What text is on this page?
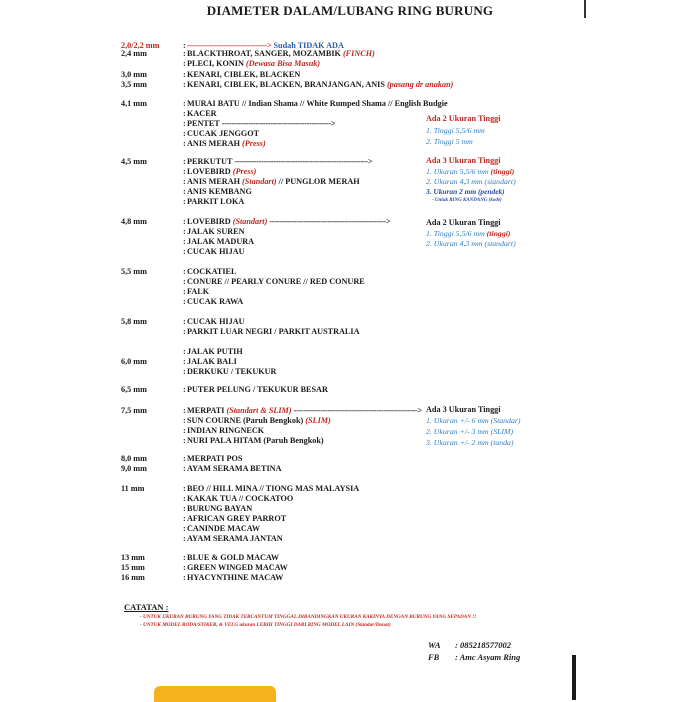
DIAMETER DALAM/LUBANG RING BURUNG
2,0/2,2 mm	: ---------------------------------> Sudah TIDAK ADA
2,4 mm	: BLACKTHROAT, SANGER, MOZAMBIK (FINCH)
: PLECI, KONIN (Dewasa Bisa Masuk)
3,0 mm	: KENARI, CIBLEK, BLACKEN
3,5 mm	: KENARI, CIBLEK, BLACKEN, BRANJANGAN, ANIS (pasang dr anakan)
4,1 mm	: MURAI BATU // Indian Shama // White Rumped Shama // English Budgie
: KACER
: PENTET --------------------------------------------->
: CUCAK JENGGOT
: ANIS MERAH (Press)
4,5 mm	: PERKUTUT ------------------------------------------------------->
: LOVEBIRD (Press)
: ANIS MERAH (Standart) // PUNGLOR MERAH
: ANIS KEMBANG
: PARKIT LOKA
4,8 mm	: LOVEBIRD (Standart) ------------------------------------------------>
: JALAK SUREN
: JALAK MADURA
: CUCAK HIJAU
5,5 mm	: COCKATIEL
: CONURE // PEARLY CONURE // RED CONURE
: FALK
: CUCAK RAWA
5,8 mm	: CUCAK HIJAU
: PARKIT LUAR NEGRI / PARKIT AUSTRALIA
: JALAK PUTIH
6,0 mm	: JALAK BALI
: DERKUKU / TEKUKUR
6,5 mm	: PUTER PELUNG / TEKUKUR BESAR
7,5 mm	: MERPATI (Standart & SLIM) --------------------------------------------------->
: SUN COURNE (Paruh Bengkok) (SLIM)
: INDIAN RINGNECK
: NURI PALA HITAM (Paruh Bengkok)
8,0 mm	: MERPATI POS
9,0 mm	: AYAM SERAMA BETINA
11 mm	: BEO // HILL MINA // TIONG MAS MALAYSIA
: KAKAK TUA // COCKATOO
: BURUNG BAYAN
: AFRICAN GREY PARROT
: CANINDE MACAW
: AYAM SERAMA JANTAN
13 mm	: BLUE & GOLD MACAW
15 mm	: GREEN WINGED MACAW
16 mm	: HYACYNTHINE MACAW
Ada 2 Ukuran Tinggi
1. Tinggi 5,5/6 mm
2. Tinggi 5 mm
Ada 3 Ukuran Tinggi
1. Ukuran 5,5/6 mm (tinggi)
2. Ukuran 4,3 mm (standart)
3. Ukuran 2 mm (pendek)
- Untuk RING KANDANG (kode)
Ada 2 Ukuran Tinggi
1. Tinggi 5,5/6 mm (tinggi)
2. Ukuran 4,3 mm (standart)
Ada 3 Ukuran Tinggi
1. Ukuran +/- 6 mm (Standar)
2. Ukuran +/- 3 mm (SLIM)
3. Ukuran +/- 2 mm (tanda)
CATATAN :
- UNTUK UKURAN BURUNG YANG TIDAK TERCANTUM TINGGAL DIBANDINGKAN UKURAN KAKINYA DENGAN BURUNG YANG SEPADAN !!
- UNTUK MODEL RODA/STIKER, & VELG ukuran LEBIH TINGGI DARI RING MODEL LAIN (Standar/Donat)
WA : 085218577002
FB : Amc Asyam Ring
